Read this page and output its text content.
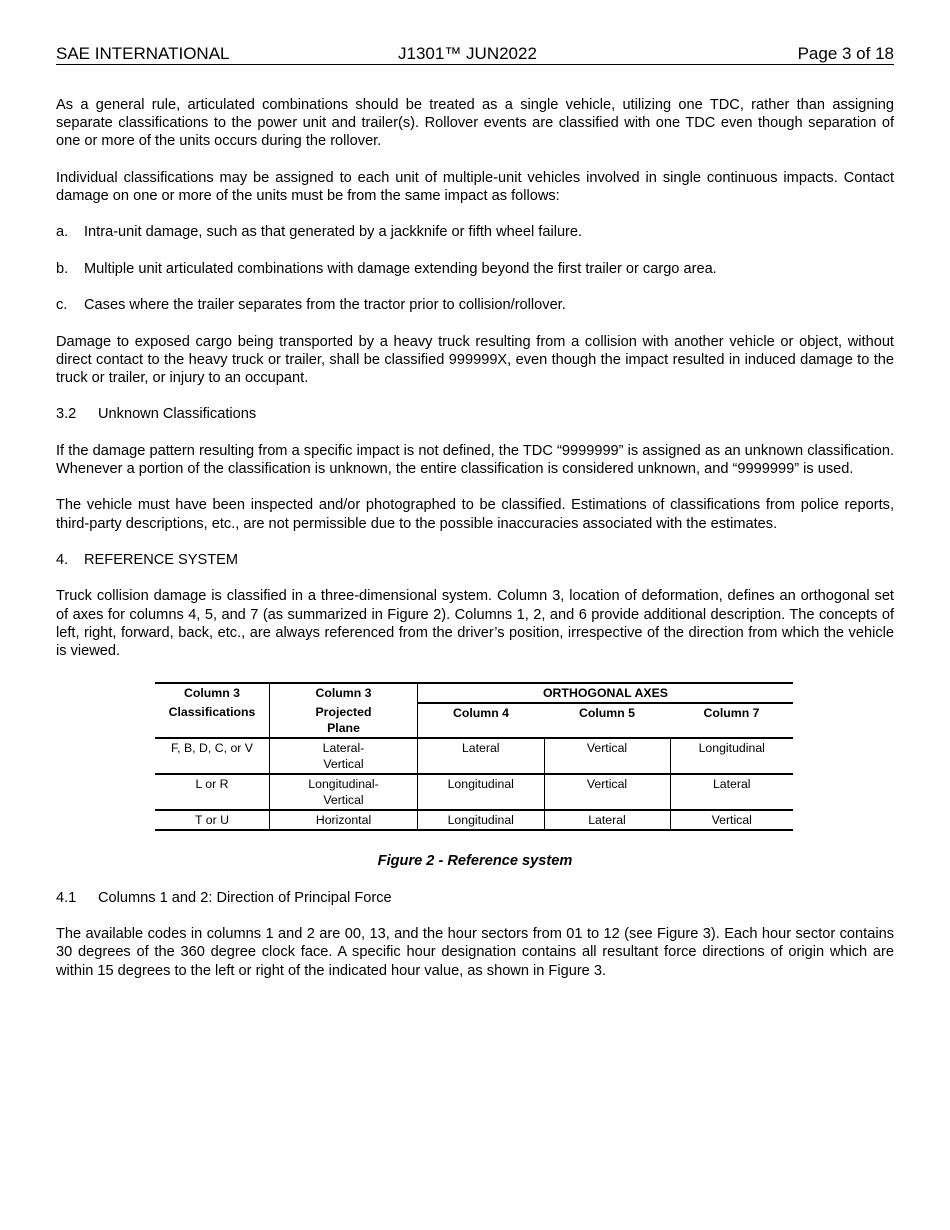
SAE INTERNATIONAL	J1301™ JUN2022	Page 3 of 18

As a general rule, articulated combinations should be treated as a single vehicle, utilizing one TDC, rather than assigning separate classifications to the power unit and trailer(s). Rollover events are classified with one TDC even though separation of one or more of the units occurs during the rollover.

Individual classifications may be assigned to each unit of multiple-unit vehicles involved in single continuous impacts. Contact damage on one or more of the units must be from the same impact as follows:

a.	Intra-unit damage, such as that generated by a jackknife or fifth wheel failure.
b.	Multiple unit articulated combinations with damage extending beyond the first trailer or cargo area.
c.	Cases where the trailer separates from the tractor prior to collision/rollover.

Damage to exposed cargo being transported by a heavy truck resulting from a collision with another vehicle or object, without direct contact to the heavy truck or trailer, shall be classified 999999X, even though the impact resulted in induced damage to the truck or trailer, or injury to an occupant.

3.2	Unknown Classifications

If the damage pattern resulting from a specific impact is not defined, the TDC “9999999” is assigned as an unknown classification. Whenever a portion of the classification is unknown, the entire classification is considered unknown, and “9999999” is used.

The vehicle must have been inspected and/or photographed to be classified. Estimations of classifications from police reports, third-party descriptions, etc., are not permissible due to the possible inaccuracies associated with the estimates.

4.	REFERENCE SYSTEM

Truck collision damage is classified in a three-dimensional system. Column 3, location of deformation, defines an orthogonal set of axes for columns 4, 5, and 7 (as summarized in Figure 2). Columns 1, 2, and 6 provide additional description. The concepts of left, right, forward, back, etc., are always referenced from the driver’s position, irrespective of the direction from which the vehicle is viewed.

Column 3	Column 3	ORTHOGONAL AXES		
Classifications	Projected Plane	Column 4	Column 5	Column 7
F, B, D, C, or V	Lateral-Vertical	Lateral	Vertical	Longitudinal
L or R	Longitudinal-Vertical	Longitudinal	Vertical	Lateral
T or U	Horizontal	Longitudinal	Lateral	Vertical
Figure 2 - Reference system
4.1	Columns 1 and 2: Direction of Principal Force

The available codes in columns 1 and 2 are 00, 13, and the hour sectors from 01 to 12 (see Figure 3). Each hour sector contains 30 degrees of the 360 degree clock face. A specific hour designation contains all resultant force directions of origin which are within 15 degrees to the left or right of the indicated hour value, as shown in Figure 3.
